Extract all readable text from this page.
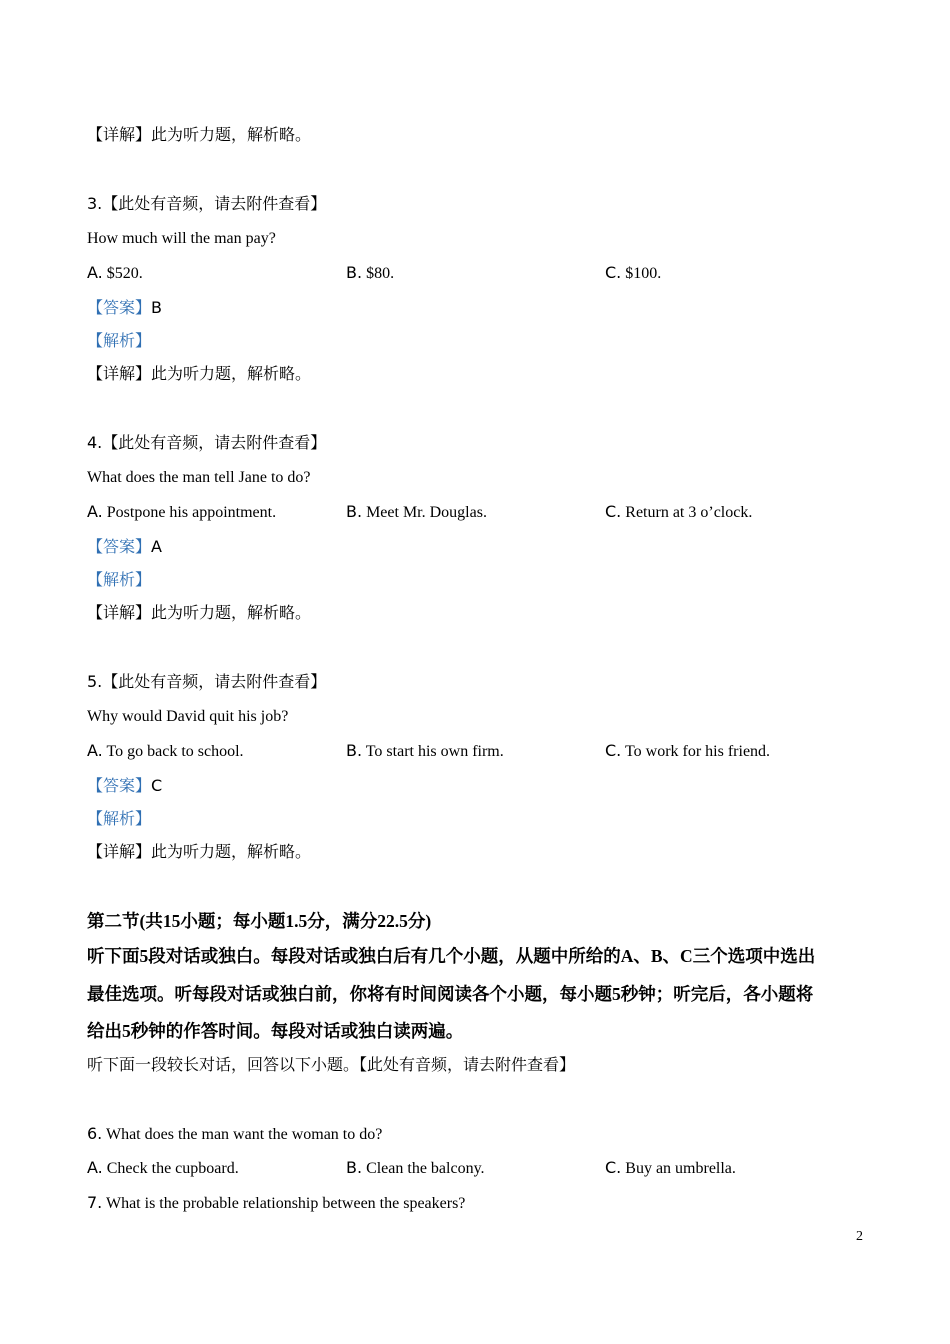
【详解】此为听力题，解析略。
3.【此处有音频，请去附件查看】
How much will the man pay?
A. $520.	B. $80.	C. $100.
【答案】B
【解析】
【详解】此为听力题，解析略。
4.【此处有音频，请去附件查看】
What does the man tell Jane to do?
A. Postpone his appointment.	B. Meet Mr. Douglas.	C. Return at 3 o’clock.
【答案】A
【解析】
【详解】此为听力题，解析略。
5.【此处有音频，请去附件查看】
Why would David quit his job?
A. To go back to school.	B. To start his own firm.	C. To work for his friend.
【答案】C
【解析】
【详解】此为听力题，解析略。
第二节(共15小题；每小题1.5分，满分22.5分)
听下面5段对话或独白。每段对话或独白后有几个小题，从题中所给的A、B、C三个选项中选出
最佳选项。听每段对话或独白前，你将有时间阅读各个小题，每小题5秒钟；听完后，各小题将
给出5秒钟的作答时间。每段对话或独白读两遍。
听下面一段较长对话，回答以下小题。【此处有音频，请去附件查看】
6. What does the man want the woman to do?
A. Check the cupboard.	B. Clean the balcony.	C. Buy an umbrella.
7. What is the probable relationship between the speakers?
2
